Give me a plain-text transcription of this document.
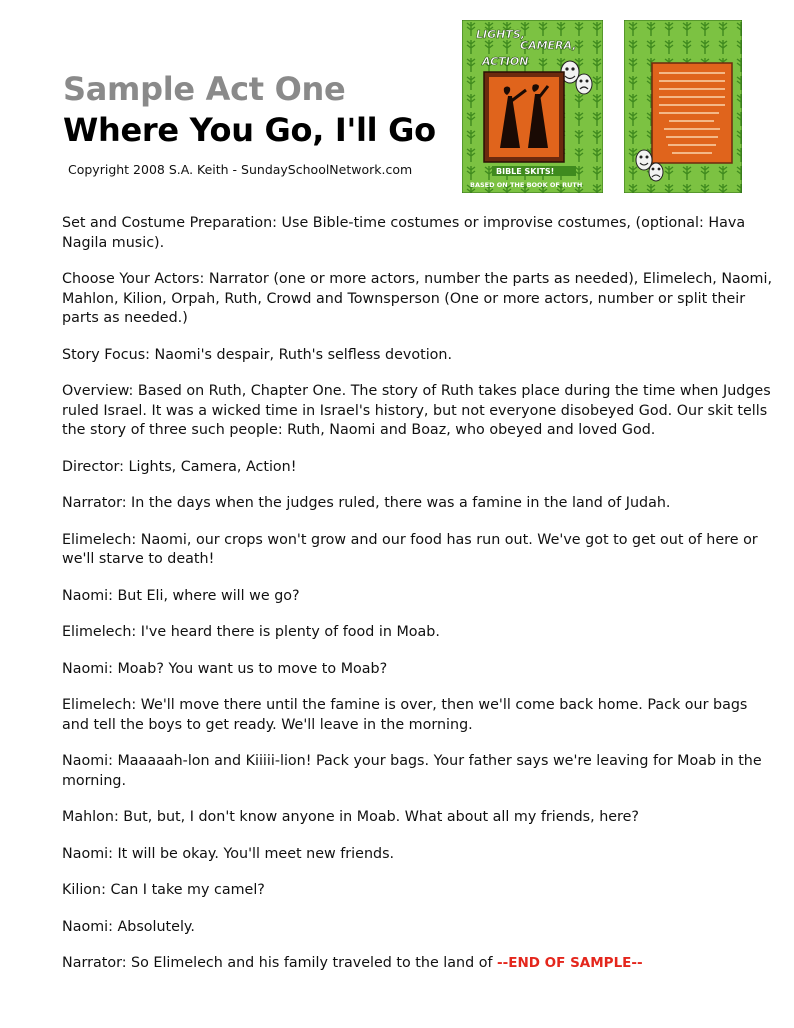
Sample Act One
Where You Go, I'll Go
Copyright 2008 S.A. Keith - SundaySchoolNetwork.com
LIGHTS,
CAMERA,
ACTION
BIBLE SKITS!
BASED ON THE BOOK OF RUTH

Set and Costume Preparation: Use Bible-time costumes or improvise costumes, (optional: Hava Nagila music).

Choose Your Actors: Narrator (one or more actors, number the parts as needed), Elimelech, Naomi, Mahlon, Kilion, Orpah, Ruth, Crowd and Townsperson (One or more actors, number or split their parts as needed.)

Story Focus: Naomi's despair, Ruth's selfless devotion.

Overview: Based on Ruth, Chapter One. The story of Ruth takes place during the time when Judges ruled Israel. It was a wicked time in Israel's history, but not everyone disobeyed God. Our skit tells the story of three such people: Ruth, Naomi and Boaz, who obeyed and loved God.

Director: Lights, Camera, Action!

Narrator: In the days when the judges ruled, there was a famine in the land of Judah.

Elimelech: Naomi, our crops won't grow and our food has run out. We've got to get out of here or we'll starve to death!

Naomi: But Eli, where will we go?

Elimelech: I've heard there is plenty of food in Moab.

Naomi: Moab? You want us to move to Moab?

Elimelech: We'll move there until the famine is over, then we'll come back home. Pack our bags and tell the boys to get ready. We'll leave in the morning.

Naomi: Maaaaah-lon and Kiiiii-lion! Pack your bags. Your father says we're leaving for Moab in the morning.

Mahlon: But, but, I don't know anyone in Moab. What about all my friends, here?

Naomi: It will be okay. You'll meet new friends.

Kilion: Can I take my camel?

Naomi: Absolutely.

Narrator: So Elimelech and his family traveled to the land of --END OF SAMPLE--
